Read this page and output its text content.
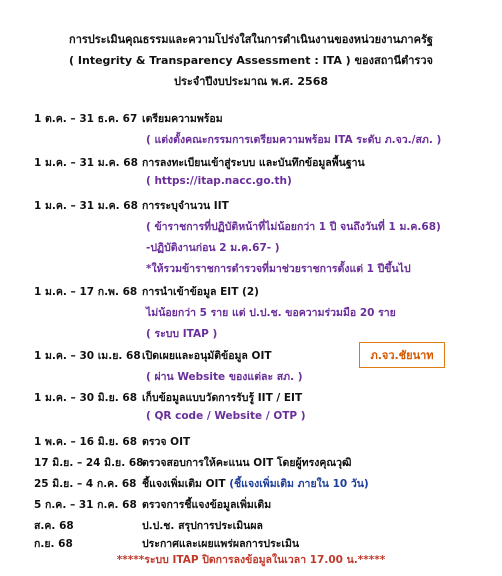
การประเมินคุณธรรมและความโปร่งใสในการดำเนินงานของหน่วยงานภาครัฐ
( Integrity & Transparency Assessment : ITA ) ของสถานีตำรวจ
ประจำปีงบประมาณ พ.ศ. 2568
1 ต.ค. – 31 ธ.ค. 67 เตรียมความพร้อม
( แต่งตั้งคณะกรรมการเตรียมความพร้อม ITA ระดับ ภ.จว./สภ. )
1 ม.ค. – 31 ม.ค. 68 การลงทะเบียนเข้าสู่ระบบ และบันทึกข้อมูลพื้นฐาน
( https://itap.nacc.go.th)
1 ม.ค. – 31 ม.ค. 68 การระบุจำนวน IIT
( ข้าราชการที่ปฏิบัติหน้าที่ไม่น้อยกว่า 1 ปี จนถึงวันที่ 1 ม.ค.68)
-ปฏิบัติงานก่อน 2 ม.ค.67- )
*ให้รวมข้าราชการตำรวจที่มาช่วยราชการตั้งแต่ 1 ปีขึ้นไป
1 ม.ค. – 17 ก.พ. 68 การนำเข้าข้อมูล EIT (2)
ไม่น้อยกว่า 5 ราย แต่ ป.ป.ช. ขอความร่วมมือ 20 ราย
( ระบบ ITAP )
1 ม.ค. – 30 เม.ย. 68 เปิดเผยและอนุมัติข้อมูล OIT
( ผ่าน Website ของแต่ละ สภ. )
ภ.จว.ชัยนาท
1 ม.ค. – 30 มิ.ย. 68 เก็บข้อมูลแบบวัดการรับรู้ IIT / EIT
( QR code / Website / OTP )
1 พ.ค. – 16 มิ.ย. 68 ตรวจ OIT
17 มิ.ย. – 24 มิ.ย. 68
ตรวจสอบการให้คะแนน OIT โดยผู้ทรงคุณวุฒิ
25 มิ.ย. – 4 ก.ค. 68 ชี้แจงเพิ่มเติม OIT (ชี้แจงเพิ่มเติม ภายใน 10 วัน)
5 ก.ค. – 31 ก.ค. 68 ตรวจการชี้แจงข้อมูลเพิ่มเติม
ส.ค. 68	ป.ป.ช. สรุปการประเมินผล
ก.ย. 68	ประกาศและเผยแพร่ผลการประเมิน
*****ระบบ ITAP ปิดการลงข้อมูลในเวลา 17.00 น.*****
